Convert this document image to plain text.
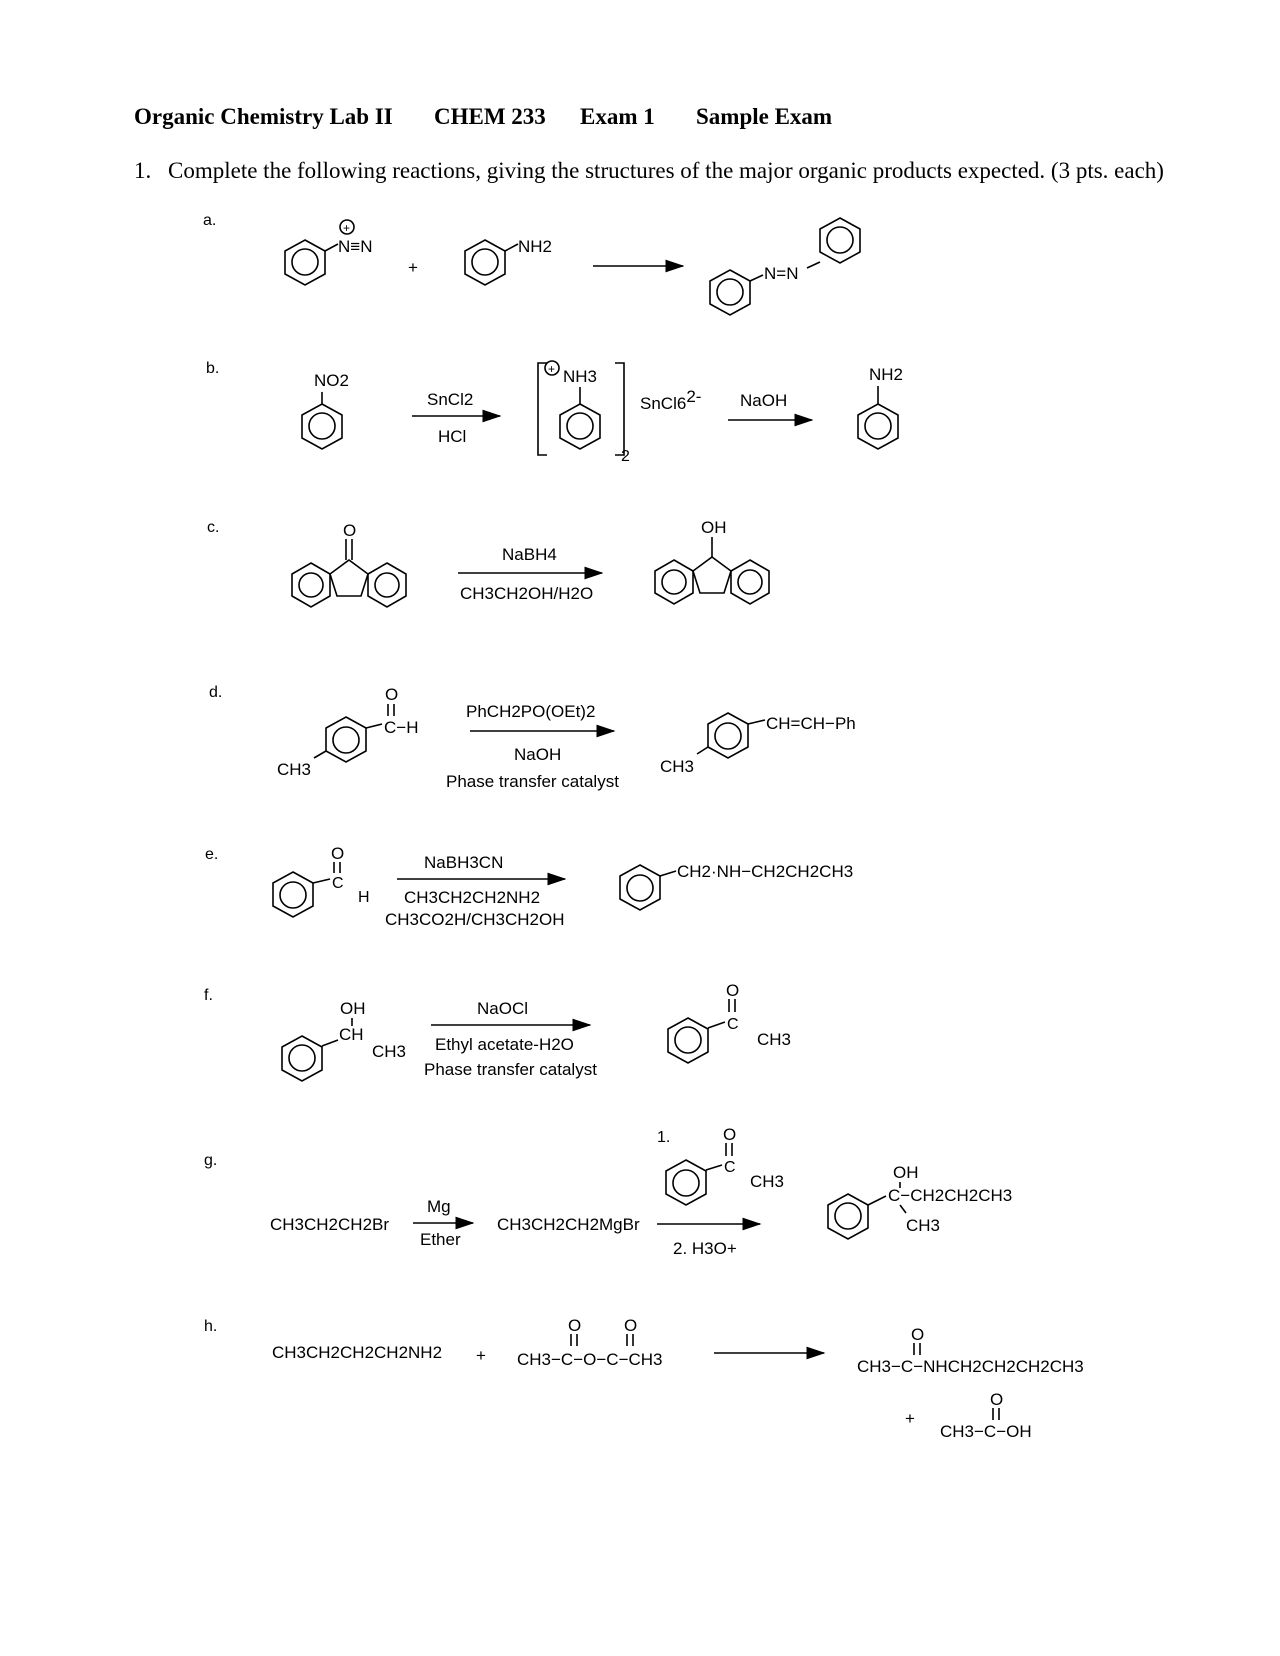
Organic Chemistry Lab II CHEM 233 Exam 1 Sample Exam
1. Complete the following reactions, giving the structures of the major organic products expected. (3 pts. each)
a.	+
N≡N
+
NH2
N=N
b.
NO2
SnCl2
HCl
+ NH3
2
SnCl62- NaOH
NH2
c.	O
NaBH4
CH3CH2OH/H2O
OH
d.	O
C−H
CH3
PhCH2PO(OEt)2
NaOH
Phase transfer catalyst
CH=CH−Ph
CH3
e.	O
C
H
NaBH3CN
CH3CH2CH2NH2
CH3CO2H/CH3CH2OH
CH2·NH−CH2CH2CH3
f.
OH
CH
CH3
NaOCl
Ethyl acetate-H2O
Phase transfer catalyst
O
C
CH3
g.
CH3CH2CH2Br
Mg
Ether
CH3CH2CH2MgBr
1.	O
C
CH3
2. H3O+
OH
C−CH2CH2CH3
CH3
h.
CH3CH2CH2CH2NH2 +
O	O
CH3−C−O−C−CH3
O
CH3−C−NHCH2CH2CH2CH3
+
O
CH3−C−OH
